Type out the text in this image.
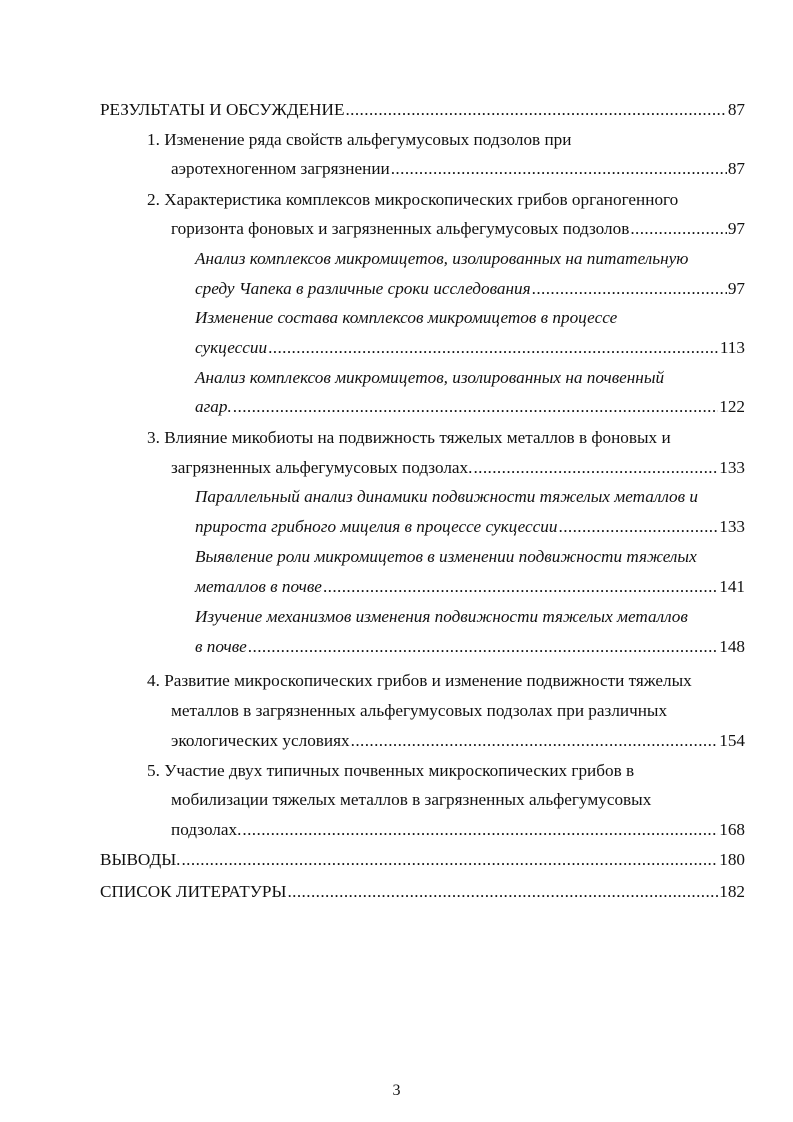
РЕЗУЛЬТАТЫ И ОБСУЖДЕНИЕ .....	87
1. Изменение ряда свойств альфегумусовых подзолов при
аэротехногенном загрязнении .....	87
2. Характеристика комплексов микроскопических грибов органогенного
горизонта фоновых и загрязненных альфегумусовых подзолов .....	97
Анализ комплексов микромицетов, изолированных на питательную
среду Чапека в различные сроки исследования .....	97
Изменение состава комплексов микромицетов в процессе
сукцессии .....	113
Анализ комплексов микромицетов, изолированных на почвенный
агар. .....	122
3. Влияние микобиоты на подвижность тяжелых металлов в фоновых и
загрязненных альфегумусовых подзолах. .....	133
Параллельный анализ динамики подвижности тяжелых металлов и
прироста грибного мицелия в процессе сукцессии .....	133
Выявление роли микромицетов в изменении подвижности тяжелых
металлов в почве .....	141
Изучение механизмов изменения подвижности тяжелых металлов
в почве .....	148
4. Развитие микроскопических грибов и изменение подвижности тяжелых
металлов в загрязненных альфегумусовых подзолах при различных
экологических условиях .....	154
5. Участие двух типичных почвенных микроскопических грибов в
мобилизации тяжелых металлов в загрязненных альфегумусовых
подзолах. .....	168
ВЫВОДЫ. .....	180
СПИСОК ЛИТЕРАТУРЫ .....	182
3
